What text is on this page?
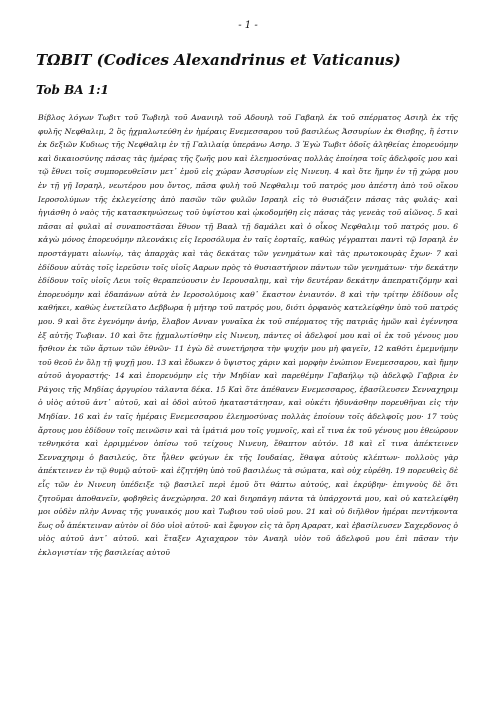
- 1 -
ΤΩΒΙΤ (Codices Alexandrinus et Vaticanus)
Tob BA 1:1

Βίβλος λόγων Τωβιτ τοῦ Τωβιηλ τοῦ Ανανιηλ τοῦ Αδουηλ τοῦ Γαβαηλ ἐκ τοῦ σπέρματος Ασιηλ ἐκ τῆς φυλῆς Νεφθαλιμ, 2 ὃς ᾐχμαλωτεύθη ἐν ἡμέραις Ενεμεσσαρου τοῦ βασιλέως Ἀσσυρίων ἐκ Θισβης, ἥ ἐστιν ἐκ δεξιῶν Κυδιως τῆς Νεφθαλιμ ἐν τῇ Γαλιλαίᾳ ὑπεράνω Ασηρ. 3 Ἐγὼ Τωβιτ ὁδοῖς ἀληθείας ἐπορευόμην καὶ δικαιοσύνης πάσας τὰς ἡμέρας τῆς ζωῆς μου καὶ ἐλεημοσύνας πολλὰς ἐποίησα τοῖς ἀδελφοῖς μου καὶ τῷ ἔθνει τοῖς συμπορευθεῖσιν μετ᾽ ἐμοῦ εἰς χώραν Ἀσσυρίων εἰς Νινευη. 4 καὶ ὅτε ἤμην ἐν τῇ χώρᾳ μου ἐν τῇ γῇ Ισραηλ, νεωτέρου μου ὄντος, πᾶσα φυλὴ τοῦ Νεφθαλιμ τοῦ πατρός μου ἀπέστη ἀπὸ τοῦ οἴκου Ιεροσολύμων τῆς ἐκλεγείσης ἀπὸ πασῶν τῶν φυλῶν Ισραηλ εἰς τὸ θυσιάζειν πάσας τὰς φυλάς· καὶ ἡγιάσθη ὁ ναὸς τῆς κατασκηνώσεως τοῦ ὑψίστου καὶ ᾠκοδομήθη εἰς πάσας τὰς γενεὰς τοῦ αἰῶνος. 5 καὶ πᾶσαι αἱ φυλαὶ αἱ συναποστᾶσαι ἔθυον τῇ Βααλ τῇ δαμάλει καὶ ὁ οἶκος Νεφθαλιμ τοῦ πατρός μου. 6 κἀγὼ μόνος ἐπορευόμην πλεονάκις εἰς Ιεροσόλυμα ἐν ταῖς ἑορταῖς, καθὼς γέγραπται παντὶ τῷ Ισραηλ ἐν προστάγματι αἰωνίῳ, τὰς ἀπαρχὰς καὶ τὰς δεκάτας τῶν γενημάτων καὶ τὰς πρωτοκουρὰς ἔχων· 7 καὶ ἐδίδουν αὐτὰς τοῖς ἱερεῦσιν τοῖς υἱοῖς Ααρων πρὸς τὸ θυσιαστήριον πάντων τῶν γενημάτων· τὴν δεκάτην ἐδίδουν τοῖς υἱοῖς Λευι τοῖς θεραπεύουσιν ἐν Ιερουσαλημ, καὶ τὴν δευτέραν δεκάτην ἀπεπρατιζόμην καὶ ἐπορευόμην καὶ ἐδαπάνων αὐτὰ ἐν Ιεροσολύμοις καθ᾽ ἕκαστον ἐνιαυτόν. 8 καὶ τὴν τρίτην ἐδίδουν οἷς καθήκει, καθὼς ἐνετείλατο Δεββωρα ἡ μήτηρ τοῦ πατρός μου, διότι ὀρφανὸς κατελείφθην ὑπὸ τοῦ πατρός μου. 9 καὶ ὅτε ἐγενόμην ἀνήρ, ἔλαβον Ανναν γυναῖκα ἐκ τοῦ σπέρματος τῆς πατριᾶς ἡμῶν καὶ ἐγέννησα ἐξ αὐτῆς Τωβιαν. 10 καὶ ὅτε ᾐχμαλωτίσθην εἰς Νινευη, πάντες οἱ ἀδελφοί μου καὶ οἱ ἐκ τοῦ γένους μου ἤσθιον ἐκ τῶν ἄρτων τῶν ἐθνῶν· 11 ἐγὼ δὲ συνετήρησα τὴν ψυχήν μου μὴ φαγεῖν, 12 καθότι ἐμεμνήμην τοῦ θεοῦ ἐν ὅλῃ τῇ ψυχῇ μου. 13 καὶ ἔδωκεν ὁ ὕψιστος χάριν καὶ μορφὴν ἐνώπιον Ενεμεσσαρου, καὶ ἤμην αὐτοῦ ἀγοραστής· 14 καὶ ἐπορευόμην εἰς τὴν Μηδίαν καὶ παρεθέμην Γαβαήλῳ τῷ ἀδελφῷ Γαβρια ἐν Ράγοις τῆς Μηδίας ἀργυρίου τάλαντα δέκα. 15 Καὶ ὅτε ἀπέθανεν Ενεμεσσαρος, ἐβασίλευσεν Σενναχηριμ ὁ υἱὸς αὐτοῦ ἀντ᾽ αὐτοῦ, καὶ αἱ ὁδοὶ αὐτοῦ ἠκαταστάτησαν, καὶ οὐκέτι ἠδυνάσθην πορευθῆναι εἰς τὴν Μηδίαν. 16 καὶ ἐν ταῖς ἡμέραις Ενεμεσσαρου ἐλεημοσύνας πολλὰς ἐποίουν τοῖς ἀδελφοῖς μου· 17 τοὺς ἄρτους μου ἐδίδουν τοῖς πεινῶσιν καὶ τὰ ἱμάτιά μου τοῖς γυμνοῖς, καὶ εἴ τινα ἐκ τοῦ γένους μου ἐθεώρουν τεθνηκότα καὶ ἐρριμμένον ὀπίσω τοῦ τείχους Νινευη, ἔθαπτον αὐτόν. 18 καὶ εἴ τινα ἀπέκτεινεν Σενναχηριμ ὁ βασιλεύς, ὅτε ἦλθεν φεύγων ἐκ τῆς Ιουδαίας, ἔθαψα αὐτοὺς κλέπτων· πολλοὺς γὰρ ἀπέκτεινεν ἐν τῷ θυμῷ αὐτοῦ· καὶ ἐζητήθη ὑπὸ τοῦ βασιλέως τὰ σώματα, καὶ οὐχ εὑρέθη. 19 πορευθεὶς δὲ εἷς τῶν ἐν Νινευη ὑπέδειξε τῷ βασιλεῖ περὶ ἐμοῦ ὅτι θάπτω αὐτούς, καὶ ἐκρύβην· ἐπιγνοὺς δὲ ὅτι ζητοῦμαι ἀποθανεῖν, φοβηθεὶς ἀνεχώρησα. 20 καὶ διηρπάγη πάντα τὰ ὑπάρχοντά μου, καὶ οὐ κατελείφθη μοι οὐδὲν πλὴν Αννας τῆς γυναικός μου καὶ Τωβιου τοῦ υἱοῦ μου. 21 καὶ οὐ διῆλθον ἡμέραι πεντήκοντα ἕως οὗ ἀπέκτειναν αὐτὸν οἱ δύο υἱοὶ αὐτοῦ· καὶ ἔφυγον εἰς τὰ ὄρη Αραρατ, καὶ ἐβασίλευσεν Σαχερδονος ὁ υἱὸς αὐτοῦ ἀντ᾽ αὐτοῦ. καὶ ἔταξεν Αχιαχαρον τὸν Αναηλ υἱὸν τοῦ ἀδελφοῦ μου ἐπὶ πᾶσαν τὴν ἐκλογιστίαν τῆς βασιλείας αὐτοῦ
